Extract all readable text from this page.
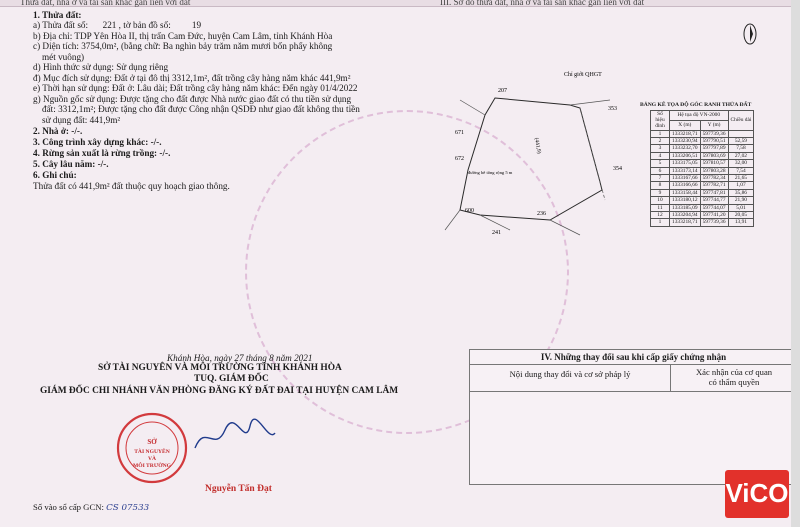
Thửa đất, nhà ở và tài sản khác gắn liền với đất	III. Sơ đồ thửa đất, nhà ở và tài sản khác gắn liền với đất
1. Thửa đất:
a) Thửa đất số: 221 , tờ bản đồ số: 19
b) Địa chỉ: TDP Yên Hòa II, thị trấn Cam Đức, huyện Cam Lâm, tỉnh Khánh Hòa
c) Diện tích: 3754,0m², (bằng chữ: Ba nghìn bảy trăm năm mươi bốn phẩy không
mét vuông)
d) Hình thức sử dụng: Sử dụng riêng
đ) Mục đích sử dụng: Đất ở tại đô thị 3312,1m², đất trồng cây hàng năm khác 441,9m²
e) Thời hạn sử dụng: Đất ở: Lâu dài; Đất trồng cây hàng năm khác: Đến ngày 01/4/2022
g) Nguồn gốc sử dụng: Được tặng cho đất được Nhà nước giao đất có thu tiền sử dụng
đất: 3312,1m²; Được tặng cho đất được Công nhận QSDĐ như giao đất không thu tiền
sử dụng đất: 441,9m²
2. Nhà ở: -/-.
3. Công trình xây dựng khác: -/-.
4. Rừng sản xuất là rừng trồng: -/-.
5. Cây lâu năm: -/-.
6. Ghi chú:
Thửa đất có 441,9m² đất thuộc quy hoạch giao thông.
Chỉ giới QHGT
207
353
671
672
354
600
241
236
(441,9)
đường bê tông rộng 5 m
BẢNG KÊ TỌA ĐỘ GÓC RANH THỬA ĐẤT
Số hiệu đỉnh	Hệ tọa độ VN-2000		Chiều dài
	X (m)	Y (m)	
1	1333218,71	597739,36	
2	1333230,94	597790,51	52,59
3	1333232,70	597797,89	7,58
4	1333206,51	597803,69	27,02
5	1333175,05	597810,57	32,00
6	1333173,14	597803,28	7,54
7	1333167,66	597782,34	21,65
8	1333166,66	597782,71	1,07
9	1333158,44	597747,81	35,86
10	1333180,12	597744,77	21,90
11	1333185,09	597744,07	5,01
12	1333204,94	597741,20	20,05
1	1333218,71	597739,36	13,91
Khánh Hòa, ngày 27 tháng 8 năm 2021
SỞ TÀI NGUYÊN VÀ MÔI TRƯỜNG TỈNH KHÁNH HÒA
TUQ. GIÁM ĐỐC
GIÁM ĐỐC CHI NHÁNH VĂN PHÒNG ĐĂNG KÝ ĐẤT ĐAI TẠI HUYỆN CAM LÂM
SỞ
TÀI NGUYÊN
VÀ
MÔI TRƯỜNG
Nguyễn Tấn Đạt
IV. Những thay đổi sau khi cấp giấy chứng nhận
Nội dung thay đổi và cơ sở pháp lý	Xác nhận của cơ quan
có thẩm quyền
Số vào sổ cấp GCN: CS 07533	ViCO
